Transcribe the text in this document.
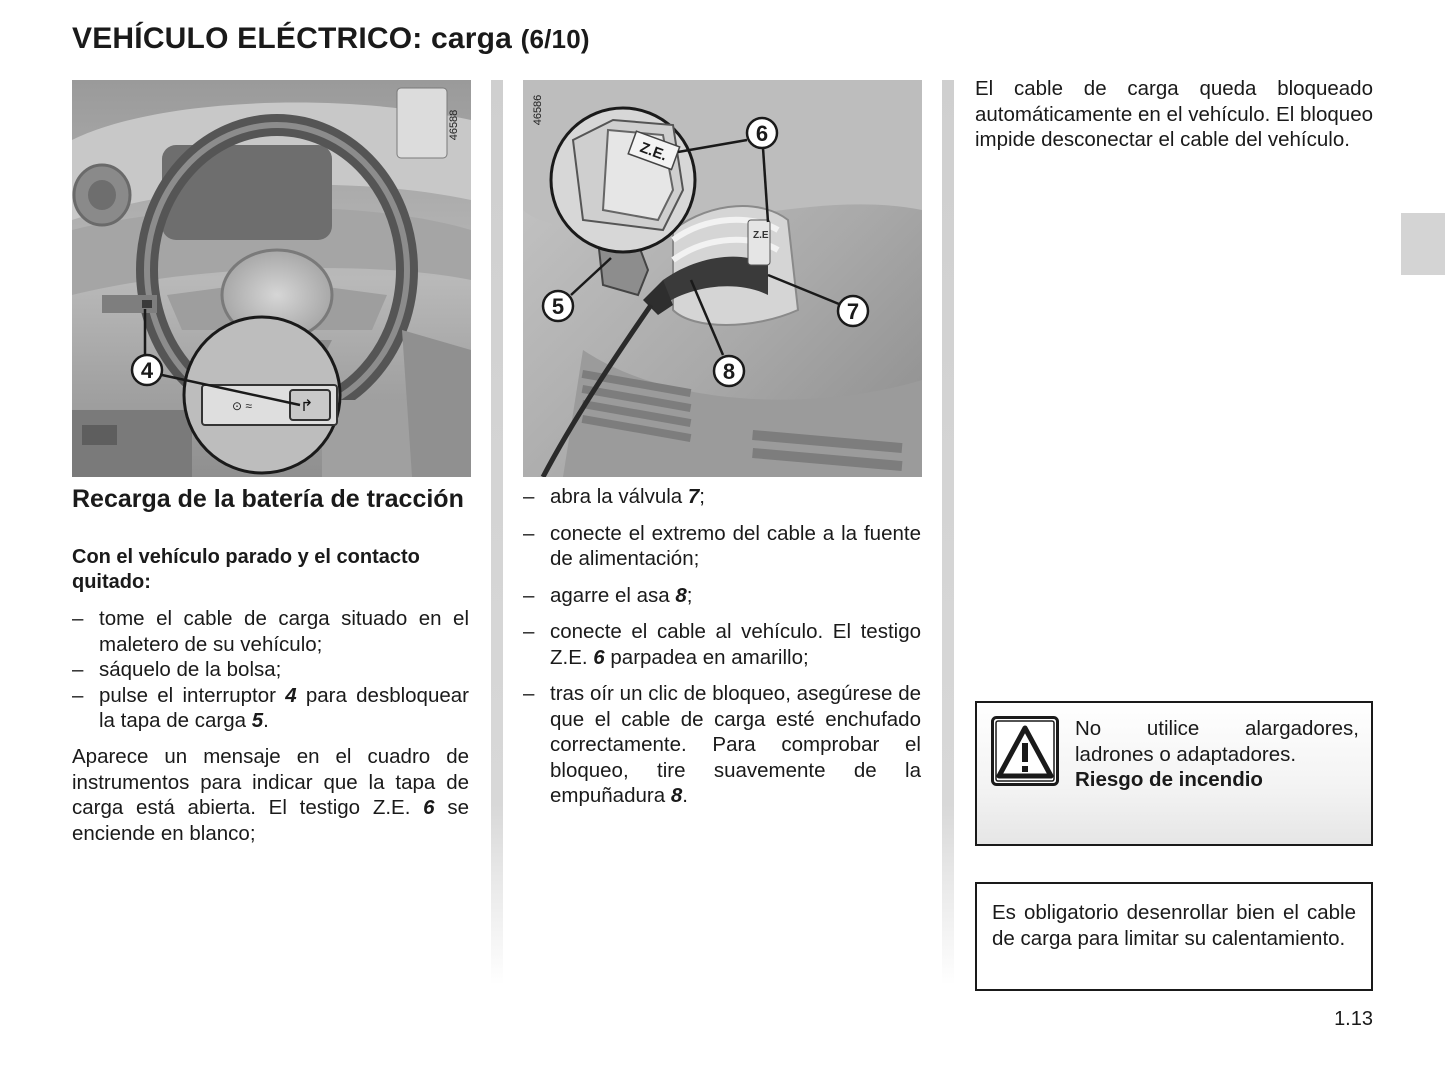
VEHÍCULO ELÉCTRICO: carga (6/10)
⊙ ≈	↱
4
46588
Z.E
Z.E.
6
5	7
8
46586
Recarga de la batería de tracción

Con el vehículo parado y el contacto quitado:

– tome el cable de carga situado en el maletero de su vehículo;
– sáquelo de la bolsa;
– pulse el interruptor 4 para desbloquear la tapa de carga 5.

Aparece un mensaje en el cuadro de instrumentos para indicar que la tapa de carga está abierta. El testigo Z.E. 6 se enciende en blanco;

– abra la válvula 7;
– conecte el extremo del cable a la fuente de alimentación;
– agarre el asa 8;
– conecte el cable al vehículo. El testigo Z.E. 6 parpadea en amarillo;
– tras oír un clic de bloqueo, asegúrese de que el cable de carga esté enchufado correctamente. Para comprobar el bloqueo, tire suavemente de la empuñadura 8.

El cable de carga queda bloqueado automáticamente en el vehículo. El bloqueo impide desconectar el cable del vehículo.

No utilice alargadores, ladrones o adaptadores.
Riesgo de incendio

Es obligatorio desenrollar bien el cable de carga para limitar su calentamiento.

1.13
